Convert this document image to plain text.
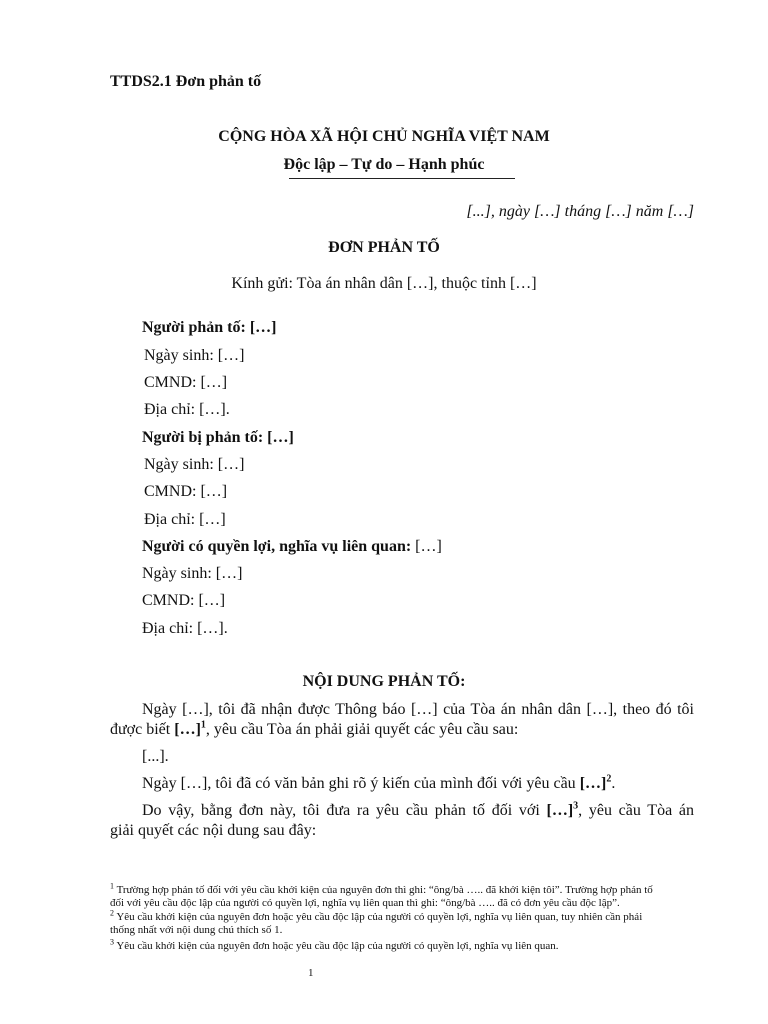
TTDS2.1 Đơn phản tố
CỘNG HÒA XÃ HỘI CHỦ NGHĨA VIỆT NAM
Độc lập – Tự do – Hạnh phúc
[...], ngày […] tháng […] năm […]
ĐƠN PHẢN TỐ
Kính gửi: Tòa án nhân dân […], thuộc tỉnh […]
Người phản tố: […]
Ngày sinh: […]
CMND: […]
Địa chỉ: […].
Người bị phản tố: […]
Ngày sinh: […]
CMND: […]
Địa chỉ: […]
Người có quyền lợi, nghĩa vụ liên quan: […]
Ngày sinh: […]
CMND: […]
Địa chỉ: […].
NỘI DUNG PHẢN TỐ:
Ngày […], tôi đã nhận được Thông báo […] của Tòa án nhân dân […], theo đó tôi
được biết […]$^1$, yêu cầu Tòa án phải giải quyết các yêu cầu sau:
[...].
Ngày […], tôi đã có văn bản ghi rõ ý kiến của mình đối với yêu cầu […]$^2$.
Do vậy, bằng đơn này, tôi đưa ra yêu cầu phản tố đối với […]$^3$, yêu cầu Tòa án
giải quyết các nội dung sau đây:
$^1$ Trường hợp phản tố đối với yêu cầu khởi kiện của nguyên đơn thì ghi: “ông/bà ….. đã khởi kiện tôi”. Trường hợp phản tố
đối với yêu cầu độc lập của người có quyền lợi, nghĩa vụ liên quan thì ghi: “ông/bà ….. đã có đơn yêu cầu độc lập”.
$^2$ Yêu cầu khởi kiện của nguyên đơn hoặc yêu cầu độc lập của người có quyền lợi, nghĩa vụ liên quan, tuy nhiên cần phải
thống nhất với nội dung chú thích số 1.
$^3$ Yêu cầu khởi kiện của nguyên đơn hoặc yêu cầu độc lập của người có quyền lợi, nghĩa vụ liên quan.
1
